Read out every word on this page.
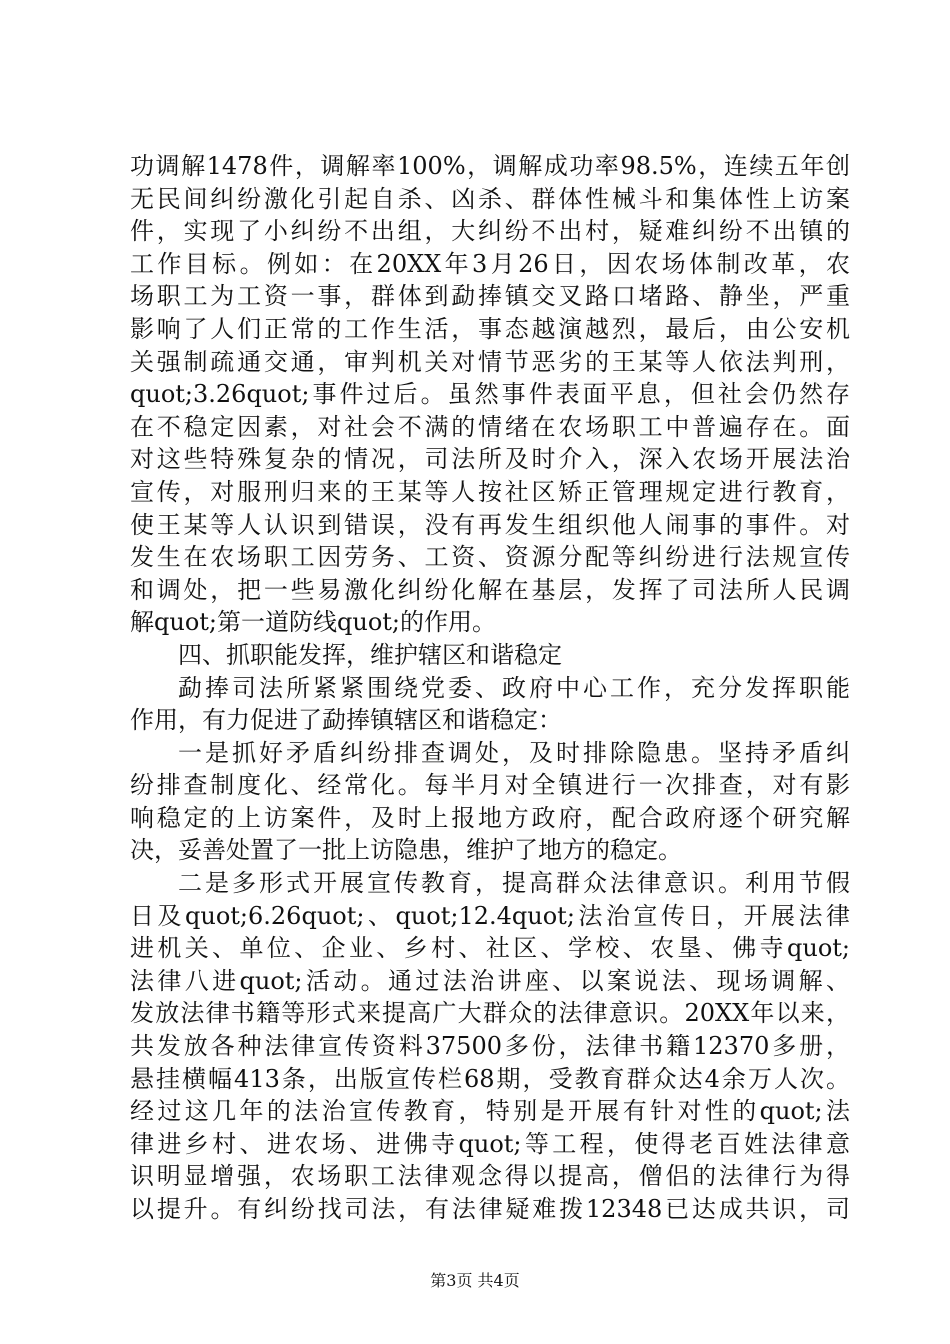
功调解1478件，调解率100%，调解成功率98.5%，连续五年创
无民间纠纷激化引起自杀、凶杀、群体性械斗和集体性上访案
件，实现了小纠纷不出组，大纠纷不出村，疑难纠纷不出镇的
工作目标。例如：在20XX年3月26日，因农场体制改革，农
场职工为工资一事，群体到勐捧镇交叉路口堵路、静坐，严重
影响了人们正常的工作生活，事态越演越烈，最后，由公安机
关强制疏通交通，审判机关对情节恶劣的王某等人依法判刑，
quot;3.26quot;事件过后。虽然事件表面平息，但社会仍然存
在不稳定因素，对社会不满的情绪在农场职工中普遍存在。面
对这些特殊复杂的情况，司法所及时介入，深入农场开展法治
宣传，对服刑归来的王某等人按社区矫正管理规定进行教育，
使王某等人认识到错误，没有再发生组织他人闹事的事件。对
发生在农场职工因劳务、工资、资源分配等纠纷进行法规宣传
和调处，把一些易激化纠纷化解在基层，发挥了司法所人民调
解quot;第一道防线quot;的作用。
四、抓职能发挥，维护辖区和谐稳定
勐捧司法所紧紧围绕党委、政府中心工作，充分发挥职能
作用，有力促进了勐捧镇辖区和谐稳定：
一是抓好矛盾纠纷排查调处，及时排除隐患。坚持矛盾纠
纷排查制度化、经常化。每半月对全镇进行一次排查，对有影
响稳定的上访案件，及时上报地方政府，配合政府逐个研究解
决，妥善处置了一批上访隐患，维护了地方的稳定。
二是多形式开展宣传教育，提高群众法律意识。利用节假
日及quot;6.26quot;、quot;12.4quot;法治宣传日，开展法律
进机关、单位、企业、乡村、社区、学校、农垦、佛寺quot;
法律八进quot;活动。通过法治讲座、以案说法、现场调解、
发放法律书籍等形式来提高广大群众的法律意识。20XX年以来，
共发放各种法律宣传资料37500多份，法律书籍12370多册，
悬挂横幅413条，出版宣传栏68期，受教育群众达4余万人次。
经过这几年的法治宣传教育，特别是开展有针对性的quot;法
律进乡村、进农场、进佛寺quot;等工程，使得老百姓法律意
识明显增强，农场职工法律观念得以提高，僧侣的法律行为得
以提升。有纠纷找司法，有法律疑难拨12348已达成共识，司
第3页 共4页
